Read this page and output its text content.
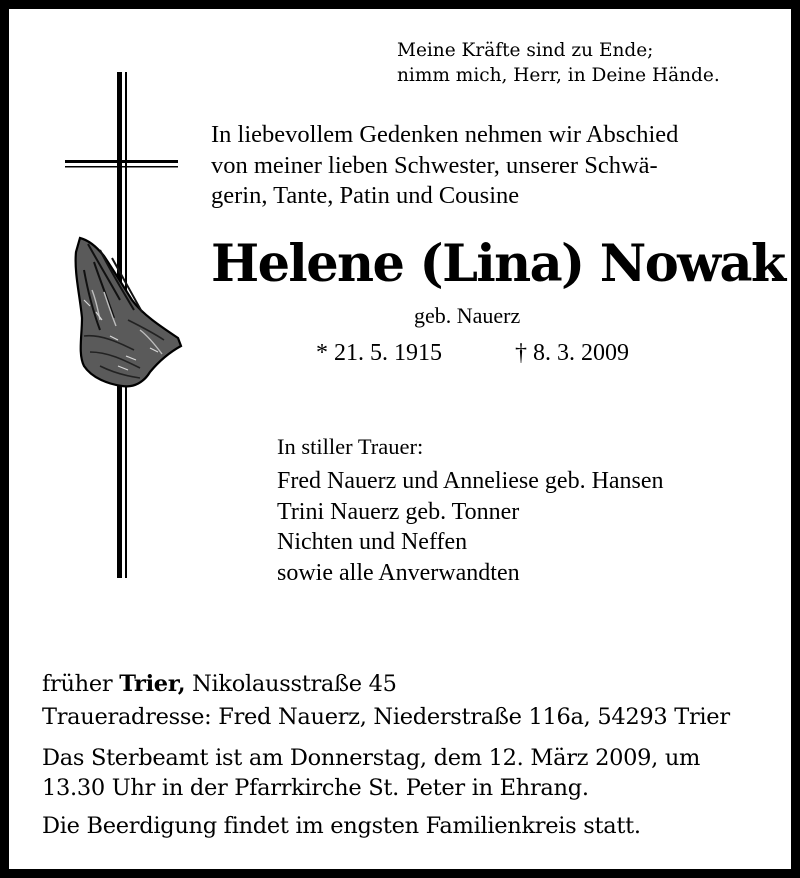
Meine Kräfte sind zu Ende;
nimm mich, Herr, in Deine Hände.
In liebevollem Gedenken nehmen wir Abschied
von meiner lieben Schwester, unserer Schwä-
gerin, Tante, Patin und Cousine
Helene (Lina) Nowak
geb. Nauerz
* 21. 5. 1915	† 8. 3. 2009
In stiller Trauer:
Fred Nauerz und Anneliese geb. Hansen
Trini Nauerz geb. Tonner
Nichten und Neffen
sowie alle Anverwandten
früher Trier, Nikolausstraße 45
Traueradresse: Fred Nauerz, Niederstraße 116a, 54293 Trier
Das Sterbeamt ist am Donnerstag, dem 12. März 2009, um
13.30 Uhr in der Pfarrkirche St. Peter in Ehrang.
Die Beerdigung findet im engsten Familienkreis statt.
